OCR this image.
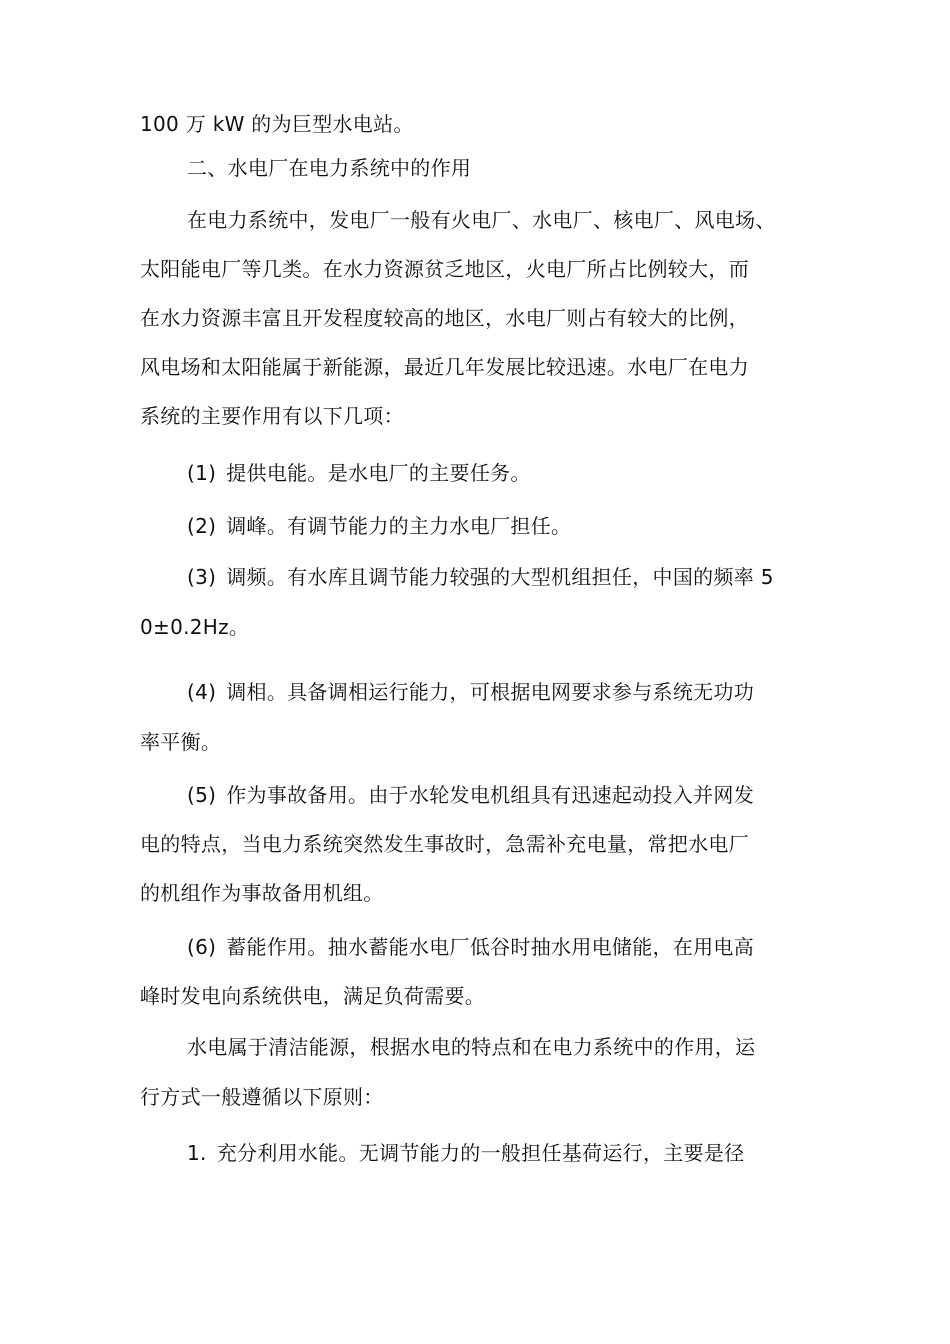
100 万 kW 的为巨型水电站。

二、水电厂在电力系统中的作用

在电力系统中，发电厂一般有火电厂、水电厂、核电厂、风电场、

太阳能电厂等几类。在水力资源贫乏地区，火电厂所占比例较大，而

在水力资源丰富且开发程度较高的地区，水电厂则占有较大的比例，

风电场和太阳能属于新能源，最近几年发展比较迅速。水电厂在电力

系统的主要作用有以下几项：

(1) 提供电能。是水电厂的主要任务。

(2) 调峰。有调节能力的主力水电厂担任。

(3) 调频。有水库且调节能力较强的大型机组担任，中国的频率 5

0±0.2Hz。

(4) 调相。具备调相运行能力，可根据电网要求参与系统无功功

率平衡。

(5) 作为事故备用。由于水轮发电机组具有迅速起动投入并网发

电的特点，当电力系统突然发生事故时，急需补充电量，常把水电厂

的机组作为事故备用机组。

(6) 蓄能作用。抽水蓄能水电厂低谷时抽水用电储能，在用电高

峰时发电向系统供电，满足负荷需要。

水电属于清洁能源，根据水电的特点和在电力系统中的作用，运

行方式一般遵循以下原则：

1. 充分利用水能。无调节能力的一般担任基荷运行，主要是径
